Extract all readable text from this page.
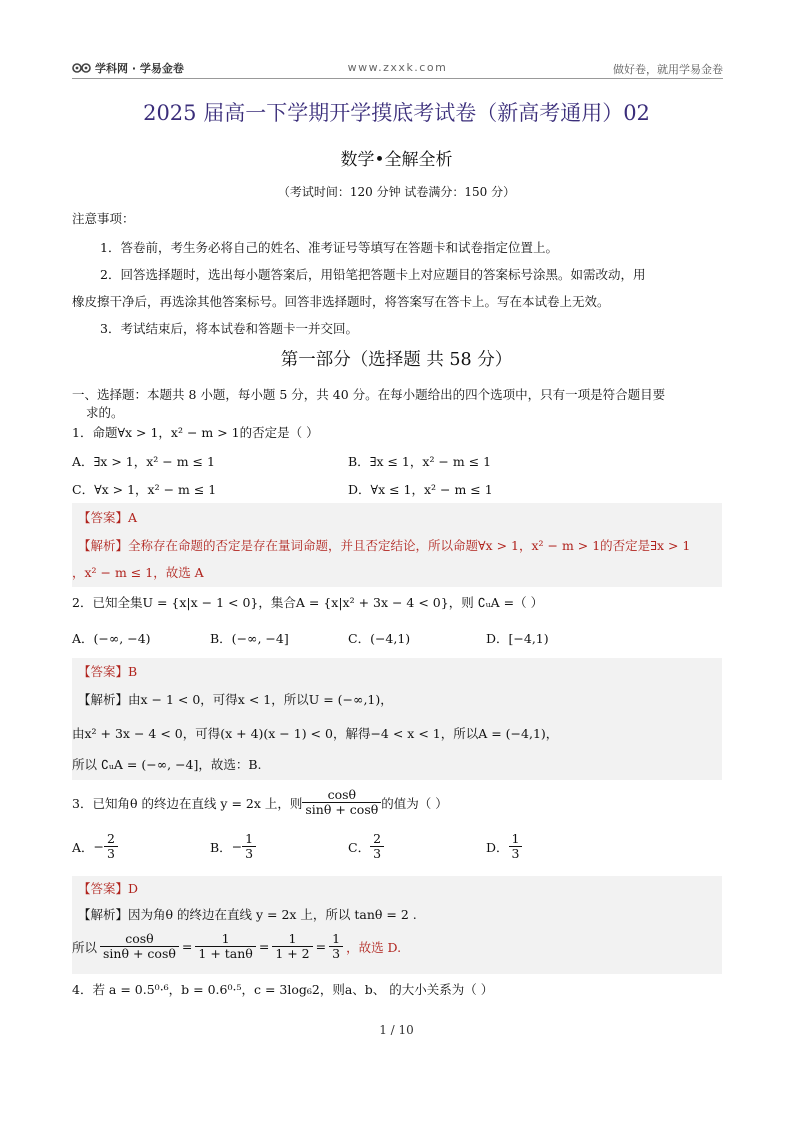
学科网 · 学易金卷	www.zxxk.com	做好卷，就用学易金卷
2025 届高一下学期开学摸底考试卷（新高考通用）02
数学•全解全析
（考试时间：120 分钟 试卷满分：150 分）
注意事项：
1．答卷前，考生务必将自己的姓名、准考证号等填写在答题卡和试卷指定位置上。
2．回答选择题时，选出每小题答案后，用铅笔把答题卡上对应题目的答案标号涂黑。如需改动，用
橡皮擦干净后，再选涂其他答案标号。回答非选择题时，将答案写在答卡上。写在本试卷上无效。
3．考试结束后，将本试卷和答题卡一并交回。
第一部分（选择题 共 58 分）
一、选择题：本题共 8 小题，每小题 5 分，共 40 分。在每小题给出的四个选项中，只有一项是符合题目要
求的。
1．命题∀x > 1，x² − m > 1的否定是（ ）
A．∃x > 1，x² − m ≤ 1	B．∃x ≤ 1，x² − m ≤ 1
C．∀x > 1，x² − m ≤ 1	D．∀x ≤ 1，x² − m ≤ 1
【答案】A
【解析】全称存在命题的否定是存在量词命题，并且否定结论，所以命题∀x > 1，x² − m > 1的否定是∃x > 1
，x² − m ≤ 1，故选 A
2．已知全集U = {x|x − 1 < 0}，集合A = {x|x² + 3x − 4 < 0}，则 ∁ᵤA =（ ）
A．(−∞, −4)	B．(−∞, −4]	C．(−4,1)	D．[−4,1)
【答案】B
【解析】由x − 1 < 0，可得x < 1，所以U = (−∞,1)，
由x² + 3x − 4 < 0，可得(x + 4)(x − 1) < 0，解得−4 < x < 1，所以A = (−4,1)，
所以 ∁ᵤA = (−∞, −4]，故选：B.
3．已知角θ 的终边在直线 y = 2x 上，则 $\frac{\cos\theta}{\sin\theta + \cos\theta}$ 的值为（ ）
A． − $\frac{2}{3}$	B． − $\frac{1}{3}$	C． $\frac{2}{3}$	D． $\frac{1}{3}$
【答案】D
【解析】因为角θ 的终边在直线 y = 2x 上，所以 tanθ = 2 .
所以 $\frac{\cos\theta}{\sin\theta + \cos\theta} = \frac{1}{1 + \tan\theta} = \frac{1}{1 + 2} = \frac{1}{3}$ ，故选 D.
4．若 a = 0.5⁰·⁶，b = 0.6⁰·⁵，c = 3log₆2，则a、b、 的大小关系为（ ）
1 / 10
